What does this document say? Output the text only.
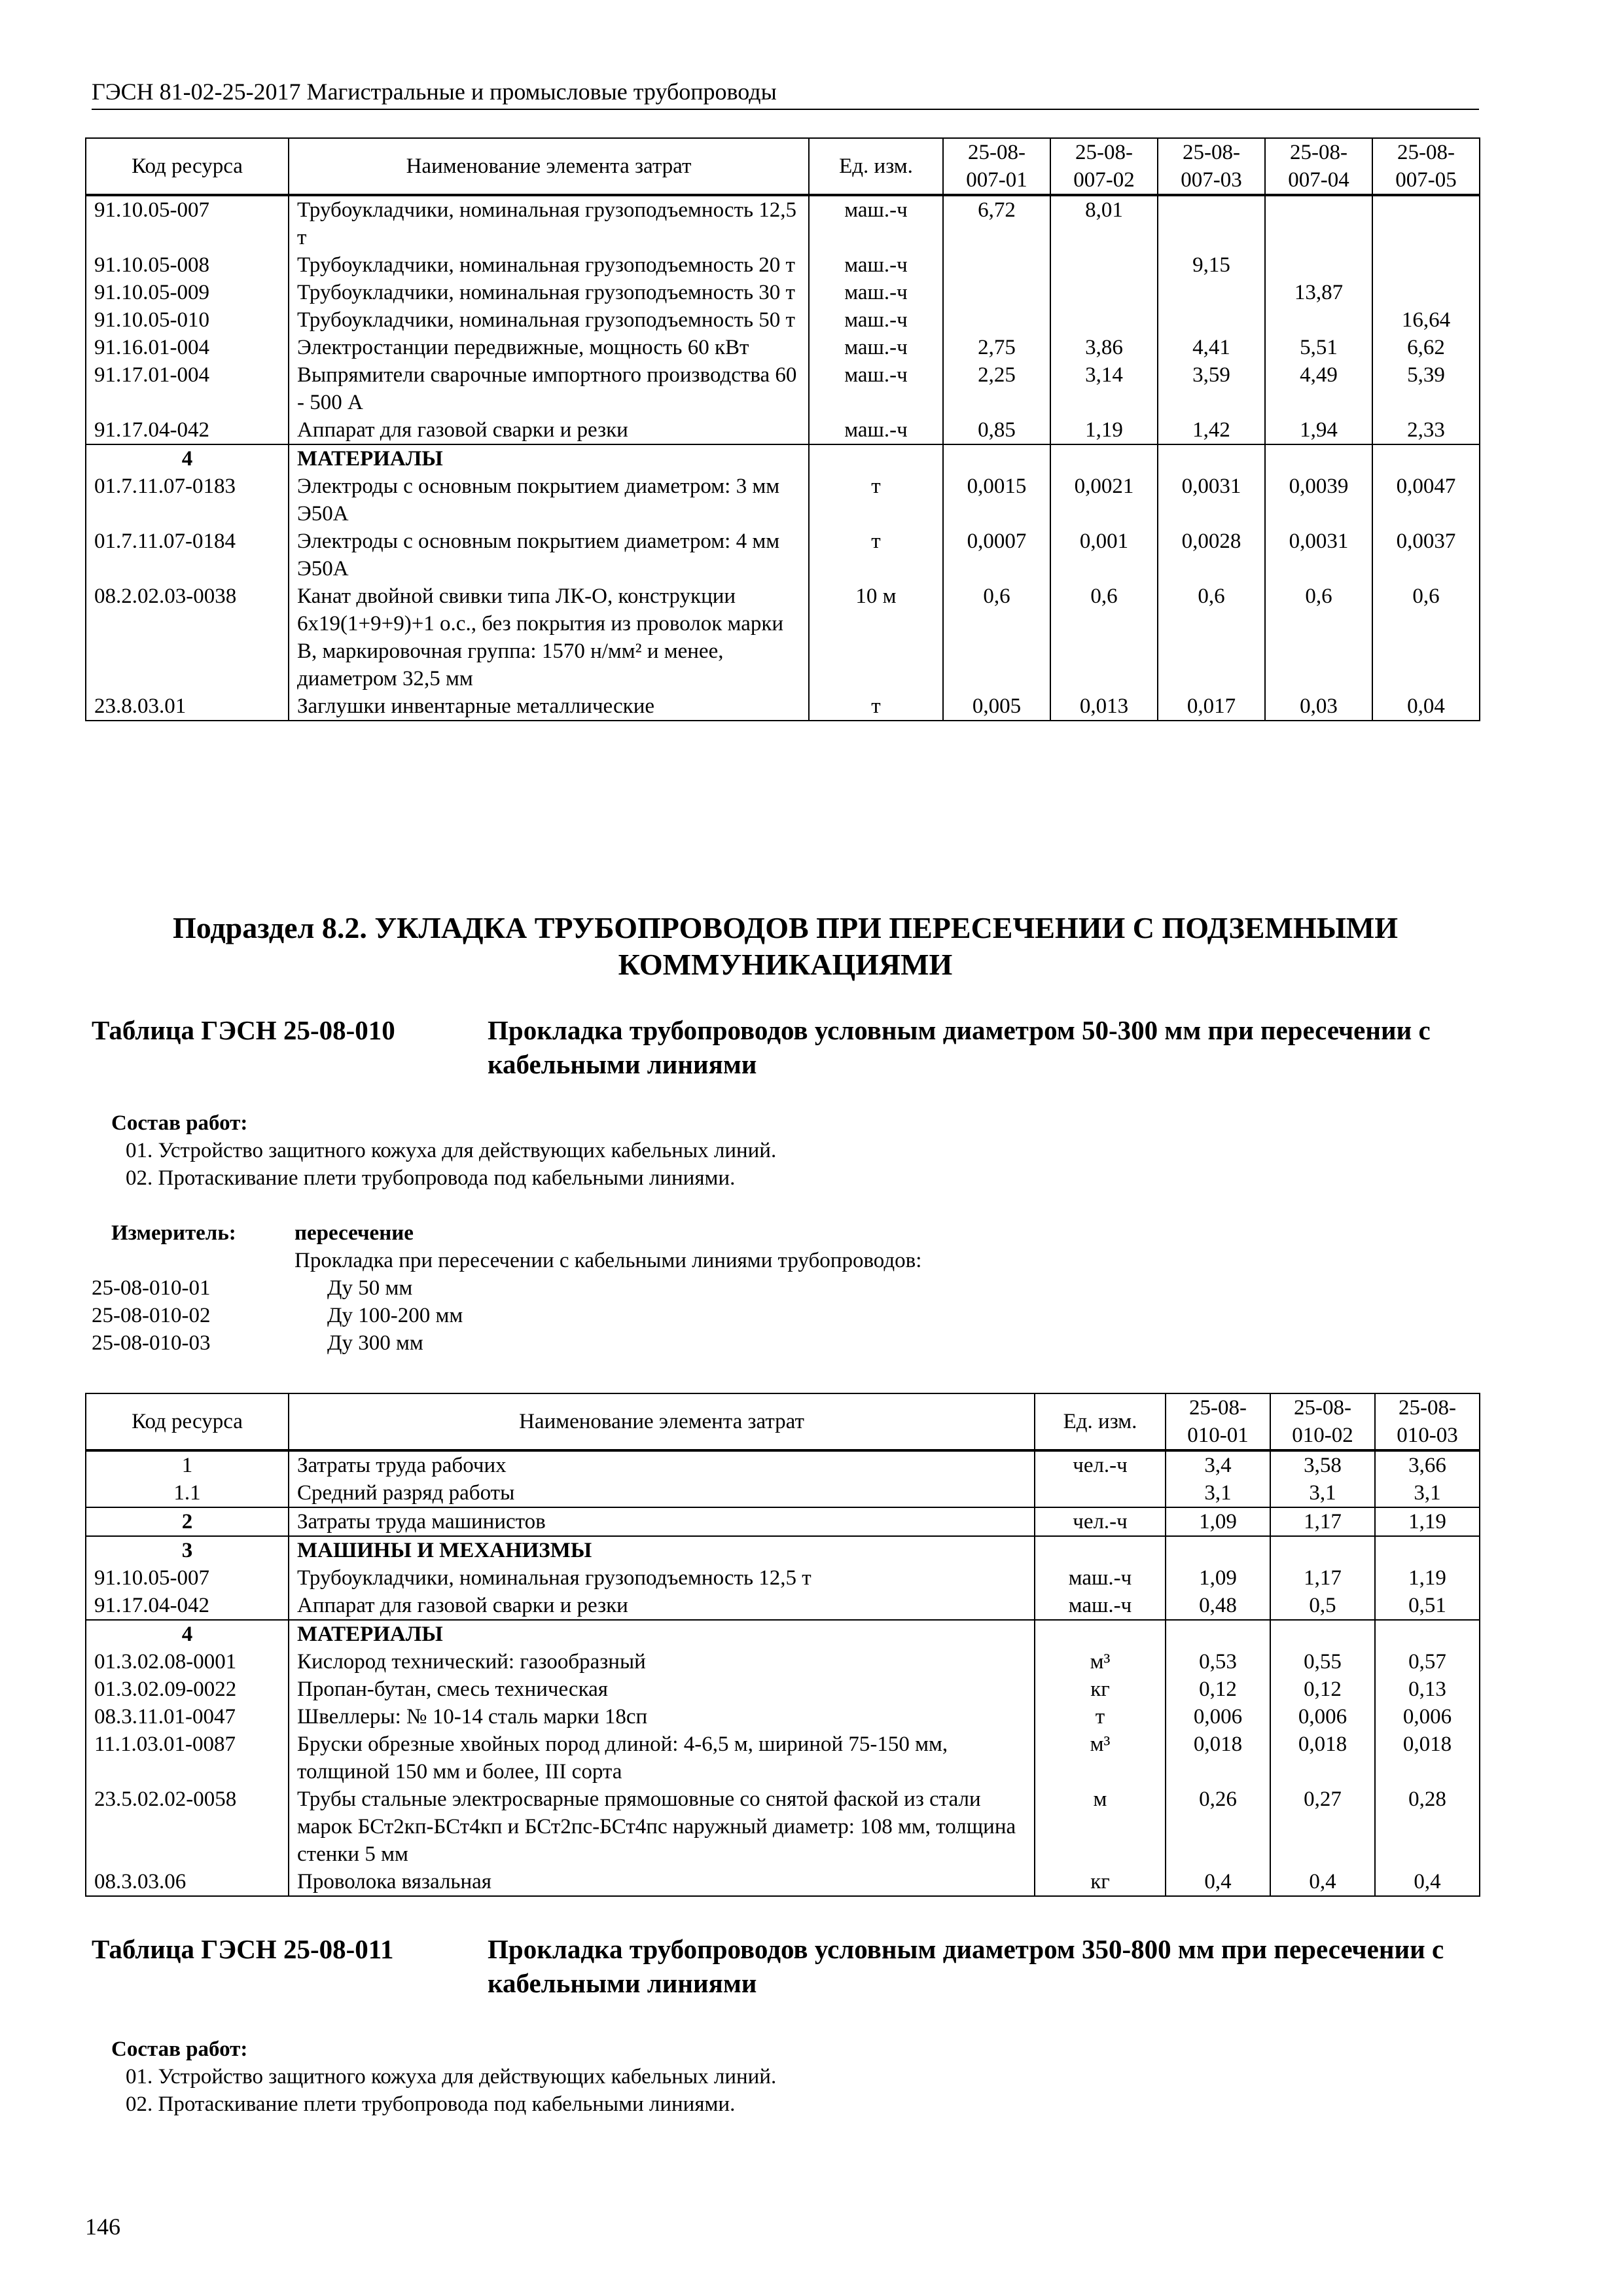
ГЭСН 81-02-25-2017 Магистральные и промысловые трубопроводы
Код ресурса	Наименование элемента затрат	Ед. изм.	25-08-007-01	25-08-007-02	25-08-007-03	25-08-007-04	25-08-007-05
91.10.05-007	Трубоукладчики, номинальная грузоподъемность 12,5 т	маш.-ч	6,72	8,01			
91.10.05-008	Трубоукладчики, номинальная грузоподъемность 20 т	маш.-ч			9,15		
91.10.05-009	Трубоукладчики, номинальная грузоподъемность 30 т	маш.-ч				13,87	
91.10.05-010	Трубоукладчики, номинальная грузоподъемность 50 т	маш.-ч					16,64
91.16.01-004	Электростанции передвижные, мощность 60 кВт	маш.-ч	2,75	3,86	4,41	5,51	6,62
91.17.01-004	Выпрямители сварочные импортного производства 60 - 500 А	маш.-ч	2,25	3,14	3,59	4,49	5,39
91.17.04-042	Аппарат для газовой сварки и резки	маш.-ч	0,85	1,19	1,42	1,94	2,33
4	МАТЕРИАЛЫ						
01.7.11.07-0183	Электроды с основным покрытием диаметром: 3 мм Э50А	т	0,0015	0,0021	0,0031	0,0039	0,0047
01.7.11.07-0184	Электроды с основным покрытием диаметром: 4 мм Э50А	т	0,0007	0,001	0,0028	0,0031	0,0037
08.2.02.03-0038	Канат двойной свивки типа ЛК-О, конструкции 6х19(1+9+9)+1 о.с., без покрытия из проволок марки В, маркировочная группа: 1570 н/мм² и менее, диаметром 32,5 мм	10 м	0,6	0,6	0,6	0,6	0,6
23.8.03.01	Заглушки инвентарные металлические	т	0,005	0,013	0,017	0,03	0,04
Подраздел 8.2. УКЛАДКА ТРУБОПРОВОДОВ ПРИ ПЕРЕСЕЧЕНИИ С ПОДЗЕМНЫМИ КОММУНИКАЦИЯМИ
Таблица ГЭСН 25-08-010	Прокладка трубопроводов условным диаметром 50-300 мм при пересечении с кабельными линиями
Состав работ:
01. Устройство защитного кожуха для действующих кабельных линий.
02. Протаскивание плети трубопровода под кабельными линиями.
Измеритель:	пересечение
Прокладка при пересечении с кабельными линиями трубопроводов:
25-08-010-01	Ду 50 мм
25-08-010-02	Ду 100-200 мм
25-08-010-03	Ду 300 мм
Код ресурса	Наименование элемента затрат	Ед. изм.	25-08-010-01	25-08-010-02	25-08-010-03
1	Затраты труда рабочих	чел.-ч	3,4	3,58	3,66
1.1	Средний разряд работы		3,1	3,1	3,1
2	Затраты труда машинистов	чел.-ч	1,09	1,17	1,19
3	МАШИНЫ И МЕХАНИЗМЫ				
91.10.05-007	Трубоукладчики, номинальная грузоподъемность 12,5 т	маш.-ч	1,09	1,17	1,19
91.17.04-042	Аппарат для газовой сварки и резки	маш.-ч	0,48	0,5	0,51
4	МАТЕРИАЛЫ				
01.3.02.08-0001	Кислород технический: газообразный	м³	0,53	0,55	0,57
01.3.02.09-0022	Пропан-бутан, смесь техническая	кг	0,12	0,12	0,13
08.3.11.01-0047	Швеллеры: № 10-14 сталь марки 18сп	т	0,006	0,006	0,006
11.1.03.01-0087	Бруски обрезные хвойных пород длиной: 4-6,5 м, шириной 75-150 мм, толщиной 150 мм и более, III сорта	м³	0,018	0,018	0,018
23.5.02.02-0058	Трубы стальные электросварные прямошовные со снятой фаской из стали марок БСт2кп-БСт4кп и БСт2пс-БСт4пс наружный диаметр: 108 мм, толщина стенки 5 мм	м	0,26	0,27	0,28
08.3.03.06	Проволока вязальная	кг	0,4	0,4	0,4
Таблица ГЭСН 25-08-011	Прокладка трубопроводов условным диаметром 350-800 мм при пересечении с кабельными линиями
Состав работ:
01. Устройство защитного кожуха для действующих кабельных линий.
02. Протаскивание плети трубопровода под кабельными линиями.
146
